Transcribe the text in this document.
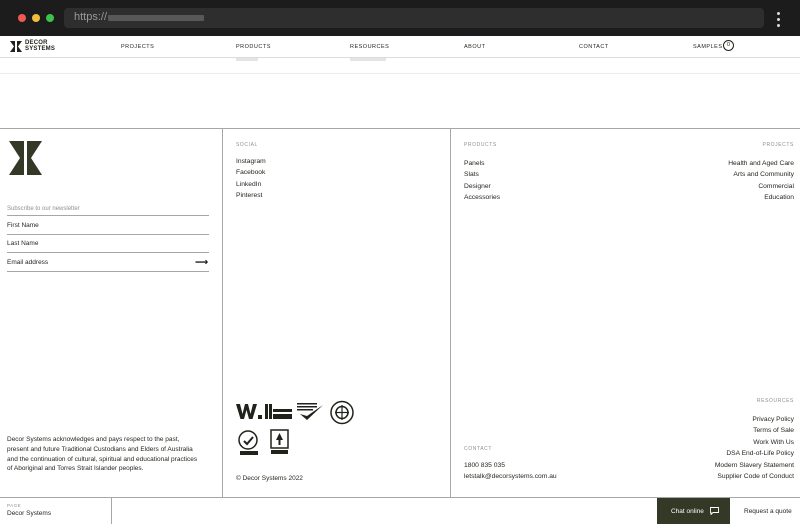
https://
DECOR SYSTEMS	PROJECTS	PRODUCTS	RESOURCES	ABOUT	CONTACT	SAMPLES 0
Subscribe to our newsletter
First Name
Last Name
Email address	⟶

Decor Systems acknowledges and pays respect to the past, present and future Traditional Custodians and Elders of Australia and the continuation of cultural, spiritual and educational practices of Aboriginal and Torres Strait Islander peoples.

SOCIAL
Instagram
Facebook
LinkedIn
Pinterest
© Decor Systems 2022
PRODUCTS
Panels
Slats
Designer
Accessories
PROJECTS
Health and Aged Care
Arts and Community
Commercial
Education
CONTACT
1800 835 035
letstalk@decorsystems.com.au
RESOURCES
Privacy Policy
Terms of Sale
Work With Us
DSA End-of-Life Policy
Modern Slavery Statement
Supplier Code of Conduct
PAGE
Decor Systems	Chat online	Request a quote
